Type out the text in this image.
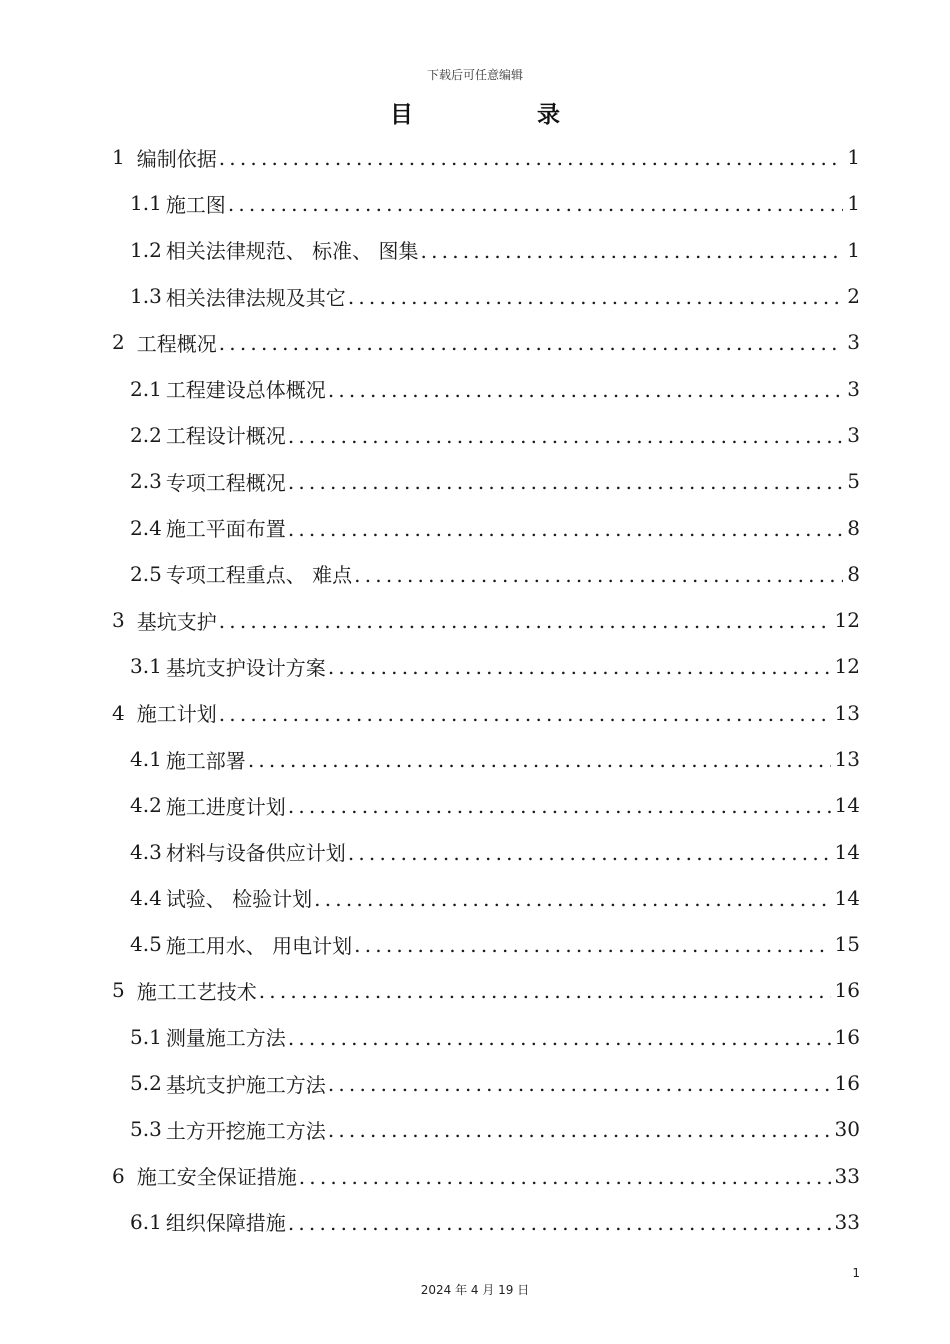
下载后可任意编辑
目 录
1 编制依据 .....	1
1.1 施工图 .....	1
1.2 相关法律规范、 标准、 图集 .....	1
1.3 相关法律法规及其它 .....	2
2 工程概况 .....	3
2.1 工程建设总体概况 .....	3
2.2 工程设计概况 .....	3
2.3 专项工程概况 .....	5
2.4 施工平面布置 .....	8
2.5 专项工程重点、 难点 .....	8
3 基坑支护 .....	12
3.1 基坑支护设计方案 .....	12
4 施工计划 .....	13
4.1 施工部署 .....	13
4.2 施工进度计划 .....	14
4.3 材料与设备供应计划 .....	14
4.4 试验、 检验计划 .....	14
4.5 施工用水、 用电计划 .....	15
5 施工工艺技术 .....	16
5.1 测量施工方法 .....	16
5.2 基坑支护施工方法 .....	16
5.3 土方开挖施工方法 .....	30
6 施工安全保证措施 .....	33
6.1 组织保障措施 .....	33
1
2024 年 4 月 19 日
